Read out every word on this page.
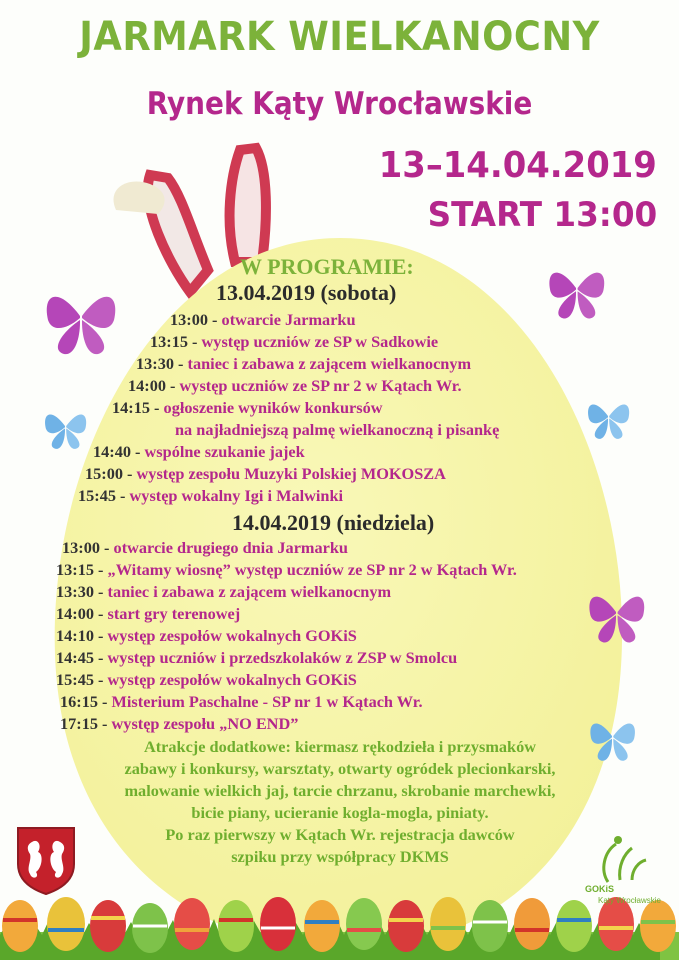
JARMARK WIELKANOCNY
Rynek Kąty Wrocławskie
13–14.04.2019
START 13:00
W PROGRAMIE:
13.04.2019 (sobota)
13:00 - otwarcie Jarmarku
13:15 - występ uczniów ze SP w Sadkowie
13:30 - taniec i zabawa z zającem wielkanocnym
14:00 - występ uczniów ze SP nr 2 w Kątach Wr.
14:15 - ogłoszenie wyników konkursów
na najładniejszą palmę wielkanoczną i pisankę
14:40 - wspólne szukanie jajek
15:00 - występ zespołu Muzyki Polskiej MOKOSZA
15:45 - występ wokalny Igi i Malwinki
14.04.2019 (niedziela)
13:00 - otwarcie drugiego dnia Jarmarku
13:15 - „Witamy wiosnę” występ uczniów ze SP nr 2 w Kątach Wr.
13:30 - taniec i zabawa z zającem wielkanocnym
14:00 - start gry terenowej
14:10 - występ zespołów wokalnych GOKiS
14:45 - występ uczniów i przedszkolaków z ZSP w Smolcu
15:45 - występ zespołów wokalnych GOKiS
16:15 - Misterium Paschalne - SP nr 1 w Kątach Wr.
17:15 - występ zespołu „NO END”
Atrakcje dodatkowe: kiermasz rękodzieła i przysmaków
zabawy i konkursy, warsztaty, otwarty ogródek plecionkarski,
malowanie wielkich jaj, tarcie chrzanu, skrobanie marchewki,
bicie piany, ucieranie kogla-mogla, piniaty.
Po raz pierwszy w Kątach Wr. rejestracja dawców
szpiku przy współpracy DKMS
GOKiS
Kąty Wrocławskie
